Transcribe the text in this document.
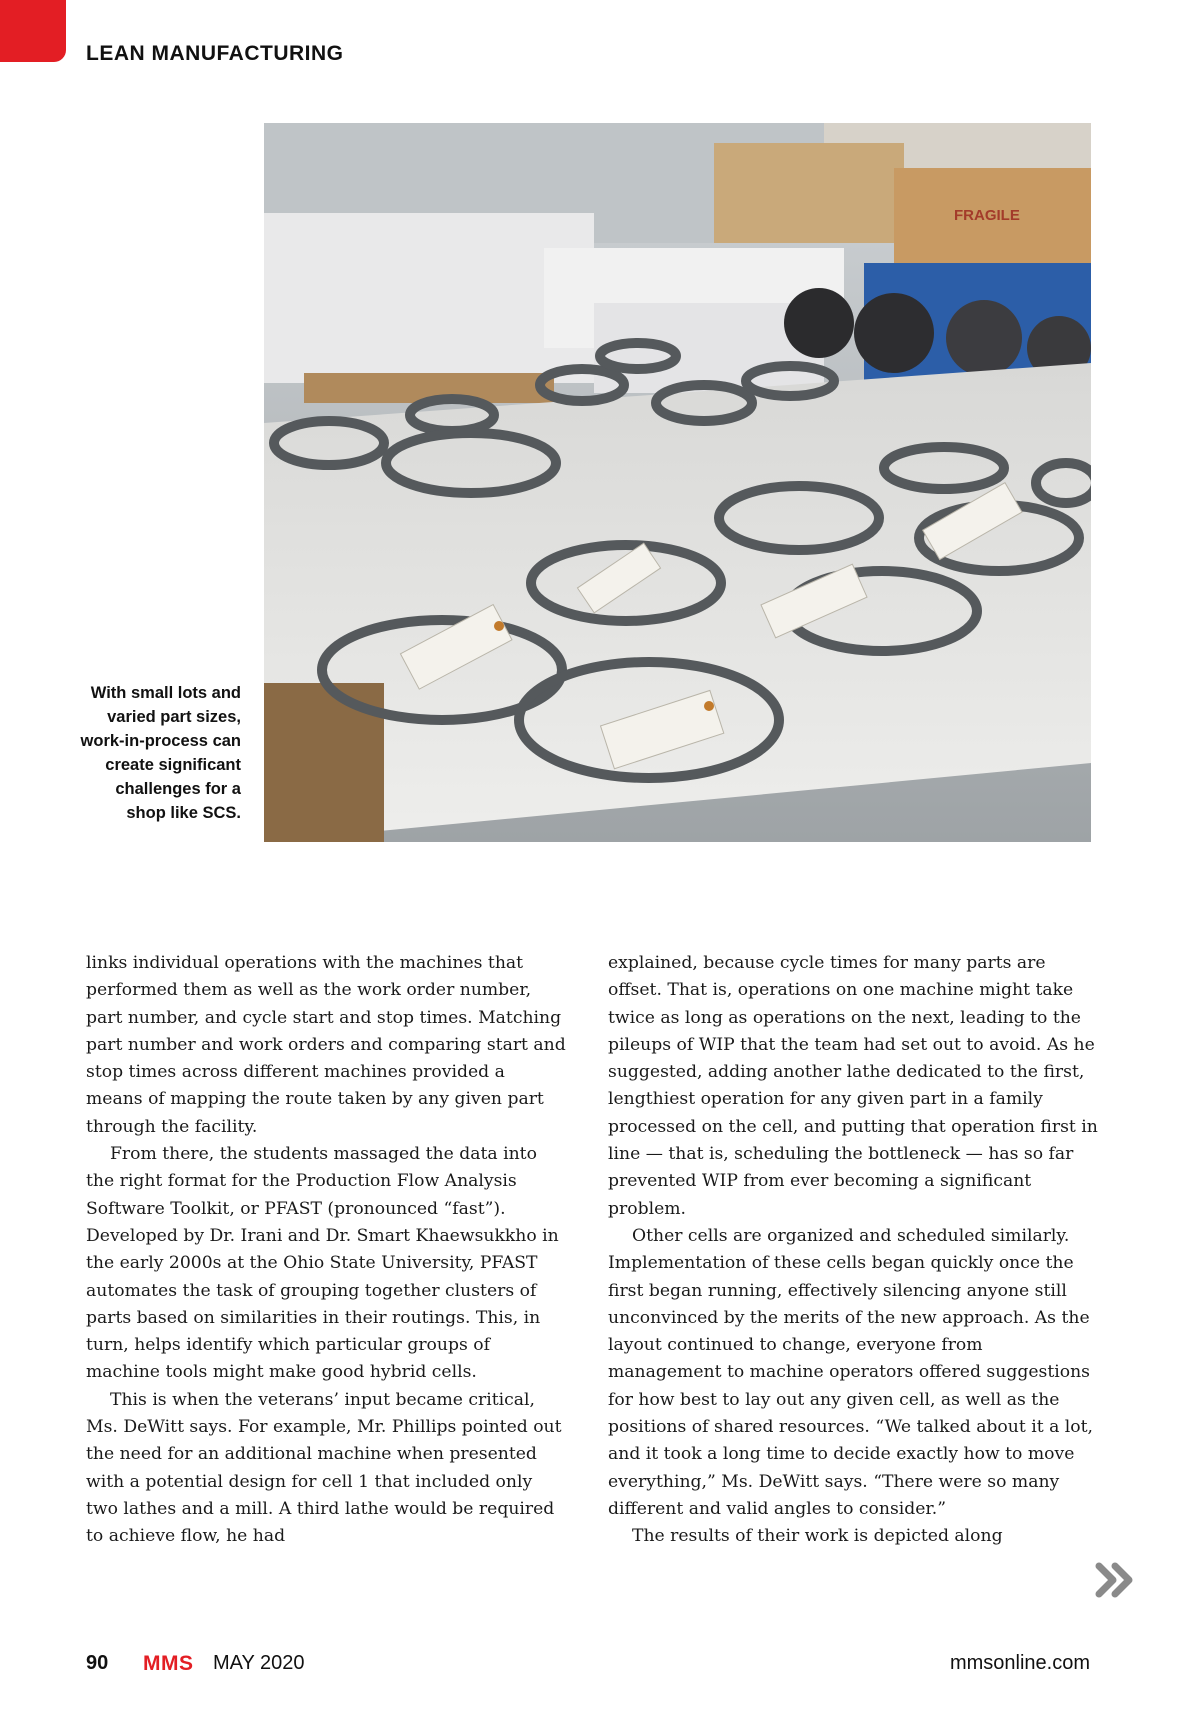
LEAN MANUFACTURING
FRAGILE

With small lots and varied part sizes, work-in-process can create significant challenges for a shop like SCS.

links individual operations with the machines that performed them as well as the work order number, part number, and cycle start and stop times. Matching part number and work orders and comparing start and stop times across different machines provided a means of mapping the route taken by any given part through the facility.

From there, the students massaged the data into the right format for the Production Flow Analysis Software Toolkit, or PFAST (pronounced “fast”). Developed by Dr. Irani and Dr. Smart Khaewsukkho in the early 2000s at the Ohio State University, PFAST automates the task of grouping together clusters of parts based on similarities in their routings. This, in turn, helps identify which particular groups of machine tools might make good hybrid cells.

This is when the veterans’ input became critical, Ms. DeWitt says. For example, Mr. Phillips pointed out the need for an additional machine when presented with a potential design for cell 1 that included only two lathes and a mill. A third lathe would be required to achieve flow, he had

explained, because cycle times for many parts are offset. That is, operations on one machine might take twice as long as operations on the next, leading to the pileups of WIP that the team had set out to avoid. As he suggested, adding another lathe dedicated to the first, lengthiest operation for any given part in a family processed on the cell, and putting that operation first in line — that is, scheduling the bottleneck — has so far prevented WIP from ever becoming a significant problem.

Other cells are organized and scheduled similarly. Implementation of these cells began quickly once the first began running, effectively silencing anyone still unconvinced by the merits of the new approach. As the layout continued to change, everyone from management to machine operators offered suggestions for how best to lay out any given cell, as well as the positions of shared resources. “We talked about it a lot, and it took a long time to decide exactly how to move everything,” Ms. DeWitt says. “There were so many different and valid angles to consider.”

The results of their work is depicted along

90 MMS MAY 2020	mmsonline.com
